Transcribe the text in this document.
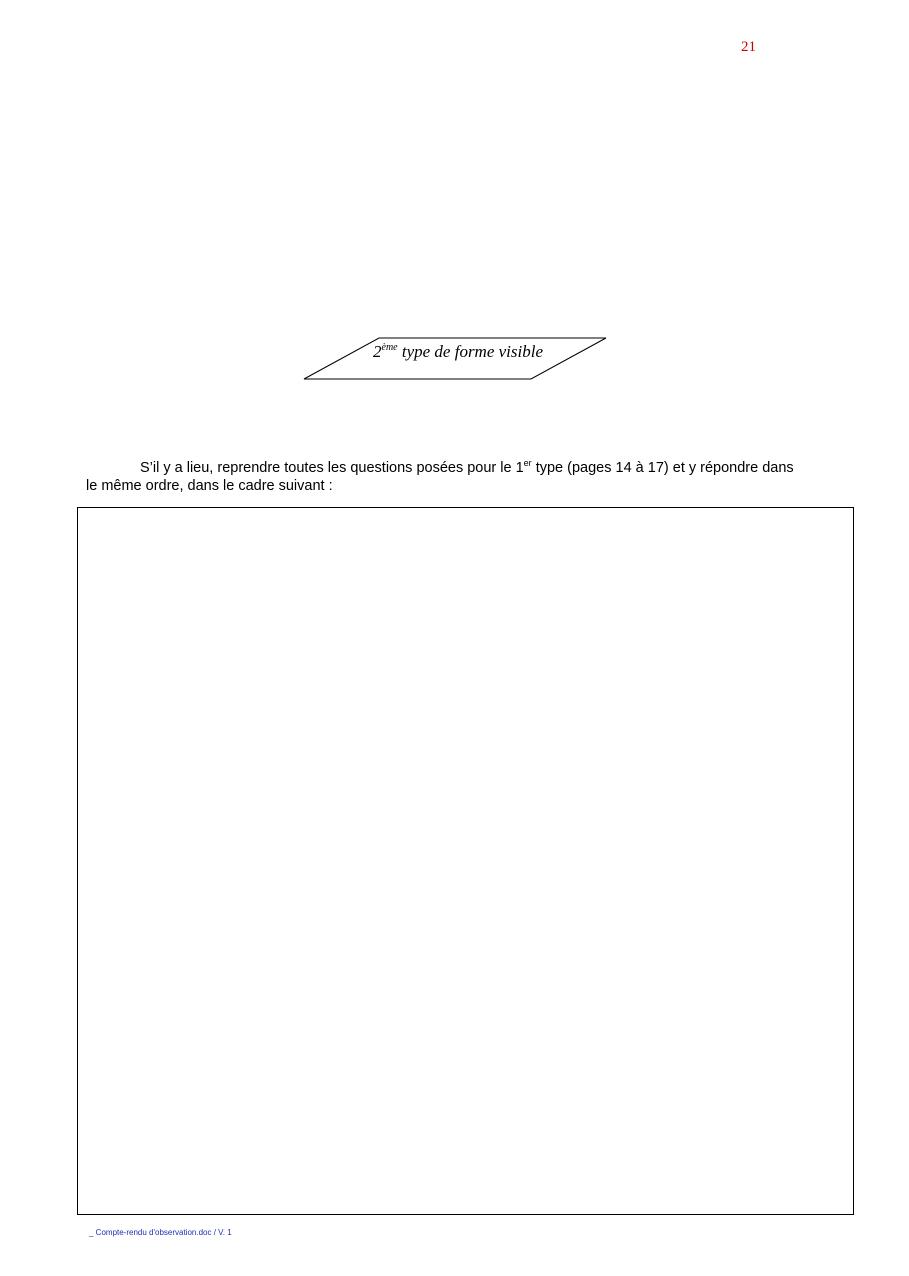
21
2ème type de forme visible
S’il y a lieu, reprendre toutes les questions posées pour le 1er type (pages 14 à 17) et y répondre dans
le même ordre, dans le cadre suivant :
_ Compte-rendu d'observation.doc / V. 1
